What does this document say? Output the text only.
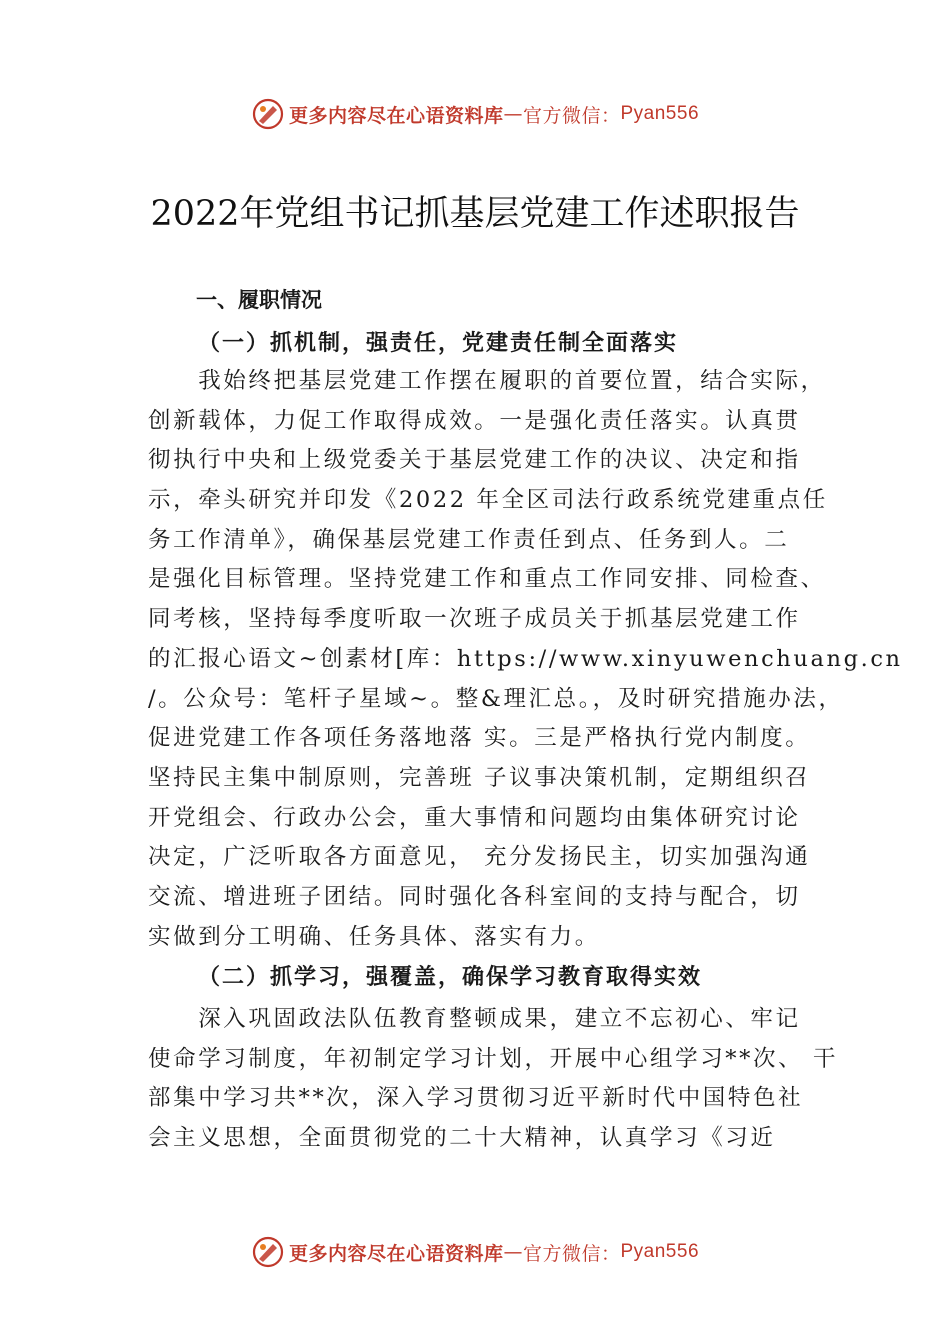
更多内容尽在心语资料库 — 官方微信： Pyan556
2022年党组书记抓基层党建工作述职报告
一、履职情况
（一）抓机制，强责任，党建责任制全面落实
　　我始终把基层党建工作摆在履职的首要位置，结合实际，
创新载体，力促工作取得成效。一是强化责任落实。认真贯
彻执行中央和上级党委关于基层党建工作的决议、决定和指
示，牵头研究并印发《2022 年全区司法行政系统党建重点任
务工作清单》，确保基层党建工作责任到点、任务到人。二
是强化目标管理。坚持党建工作和重点工作同安排、同检查、
同考核，坚持每季度听取一次班子成员关于抓基层党建工作
的汇报心语文~创素材[库：https://www.xinyuwenchuang.cn
/。公众号：笔杆子星域~。整&理汇总。，及时研究措施办法，
促进党建工作各项任务落地落 实。三是严格执行党内制度。
坚持民主集中制原则，完善班 子议事决策机制，定期组织召
开党组会、行政办公会，重大事情和问题均由集体研究讨论
决定，广泛听取各方面意见， 充分发扬民主，切实加强沟通
交流、增进班子团结。同时强化各科室间的支持与配合，切
实做到分工明确、任务具体、落实有力。
（二）抓学习，强覆盖，确保学习教育取得实效
　　深入巩固政法队伍教育整顿成果，建立不忘初心、牢记
使命学习制度，年初制定学习计划，开展中心组学习**次、 干
部集中学习共**次，深入学习贯彻习近平新时代中国特色社
会主义思想，全面贯彻党的二十大精神，认真学习《习近
更多内容尽在心语资料库 — 官方微信： Pyan556
